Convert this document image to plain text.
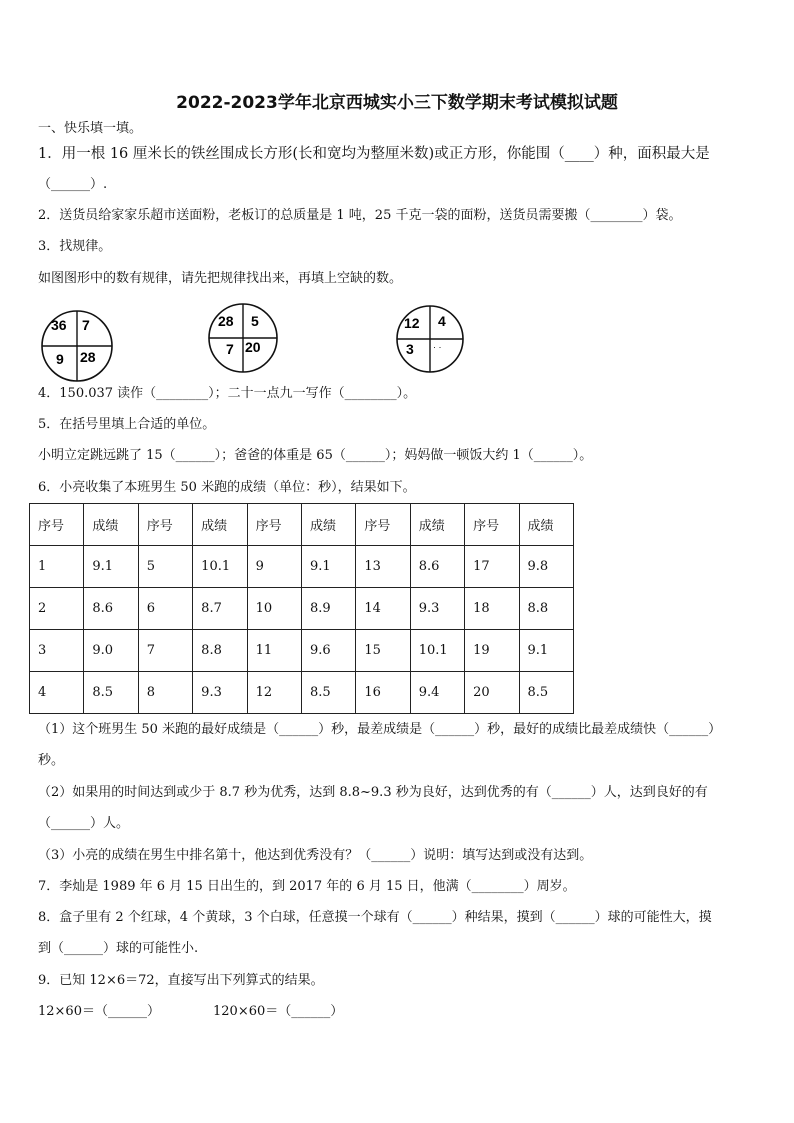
2022-2023学年北京西城实小三下数学期末考试模拟试题
一、快乐填一填。
1．用一根 16 厘米长的铁丝围成长方形(长和宽均为整厘米数)或正方形，你能围（____）种，面积最大是
（______）.
2．送货员给家家乐超市送面粉，老板订的总质量是 1 吨，25 千克一袋的面粉，送货员需要搬（________）袋。
3．找规律。
如图图形中的数有规律，请先把规律找出来，再填上空缺的数。
36 7
9 28
28 5
7 20
12 4
3 · ·
4．150.037 读作（________）；二十一点九一写作（________）。
5．在括号里填上合适的单位。
小明立定跳远跳了 15（______）；爸爸的体重是 65（______）；妈妈做一顿饭大约 1（______）。
6．小亮收集了本班男生 50 米跑的成绩（单位：秒），结果如下。
序号	成绩	序号	成绩	序号	成绩	序号	成绩	序号	成绩
1	9.1	5	10.1	9	9.1	13	8.6	17	9.8
2	8.6	6	8.7	10	8.9	14	9.3	18	8.8
3	9.0	7	8.8	11	9.6	15	10.1	19	9.1
4	8.5	8	9.3	12	8.5	16	9.4	20	8.5
（1）这个班男生 50 米跑的最好成绩是（______）秒，最差成绩是（______）秒，最好的成绩比最差成绩快（______）
秒。
（2）如果用的时间达到或少于 8.7 秒为优秀，达到 8.8~9.3 秒为良好，达到优秀的有（______）人，达到良好的有
（______）人。
（3）小亮的成绩在男生中排名第十，他达到优秀没有？（______）说明：填写达到或没有达到。
7．李灿是 1989 年 6 月 15 日出生的，到 2017 年的 6 月 15 日，他满（________）周岁。
8．盒子里有 2 个红球，4 个黄球，3 个白球，任意摸一个球有（______）种结果，摸到（______）球的可能性大，摸
到（______）球的可能性小.
9．已知 12×6＝72，直接写出下列算式的结果。
12×60＝（______）	120×60＝（______）
